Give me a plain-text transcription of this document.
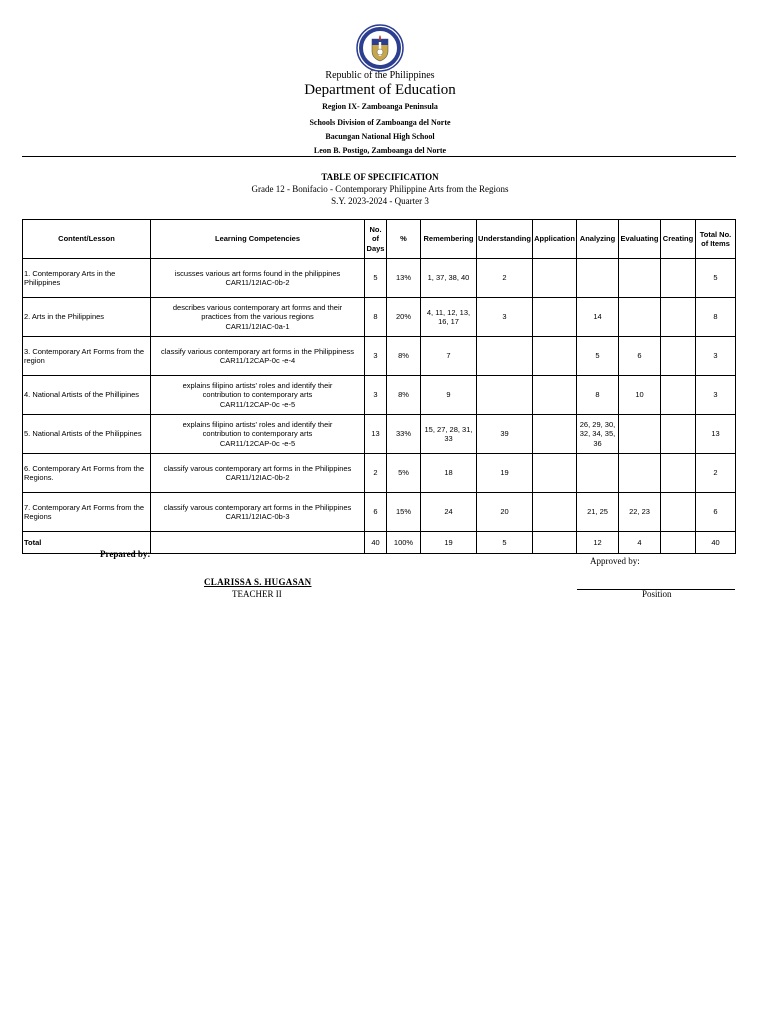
Republic of the Philippines
Department of Education
Region IX- Zamboanga Peninsula
Schools Division of Zamboanga del Norte
Bacungan National High School
Leon B. Postigo, Zamboanga del Norte
TABLE OF SPECIFICATION
Grade 12 - Bonifacio - Contemporary Philippine Arts from the Regions
S.Y. 2023-2024 - Quarter 3
Content/Lesson	Learning Competencies	No. of Days	%	Remembering	Understanding	Application	Analyzing	Evaluating	Creating	Total No. of Items
1. Contemporary Arts in the Philippines	iscusses various art forms found in the philippines
CAR11/12IAC-0b-2	5	13%	1, 37, 38, 40	2					5
2. Arts in the Philippines	describes various contemporary art forms and their
practices from the various regions
CAR11/12IAC-0a-1	8	20%	4, 11, 12, 13, 16, 17	3		14			8
3. Contemporary Art Forms from the region	classify various contemporary art forms in the Philippiness
CAR11/12CAP-0c -e-4	3	8%	7			5	6		3
4. National Artists of the Phillipines	explains filipino artists' roles and identify their
contribution to contemporary arts
CAR11/12CAP-0c -e-5	3	8%	9			8	10		3
5. National Artists of the Philippines	explains filipino artists' roles and identify their
contribution to contemporary arts
CAR11/12CAP-0c -e-5	13	33%	15, 27, 28, 31, 33	39		26, 29, 30, 32, 34, 35, 36			13
6. Contemporary Art Forms from the Regions.	classify varous contemporary art forms in the Philippines
CAR11/12IAC-0b-2	2	5%	18	19					2
7. Contemporary Art Forms from the Regions	classify varous contemporary art forms in the Philippines
CAR11/12IAC-0b-3	6	15%	24	20		21, 25	22, 23		6
Total		40	100%	19	5		12	4		40
Prepared by:
CLARISSA S. HUGASAN
TEACHER II
Approved by:
Position
